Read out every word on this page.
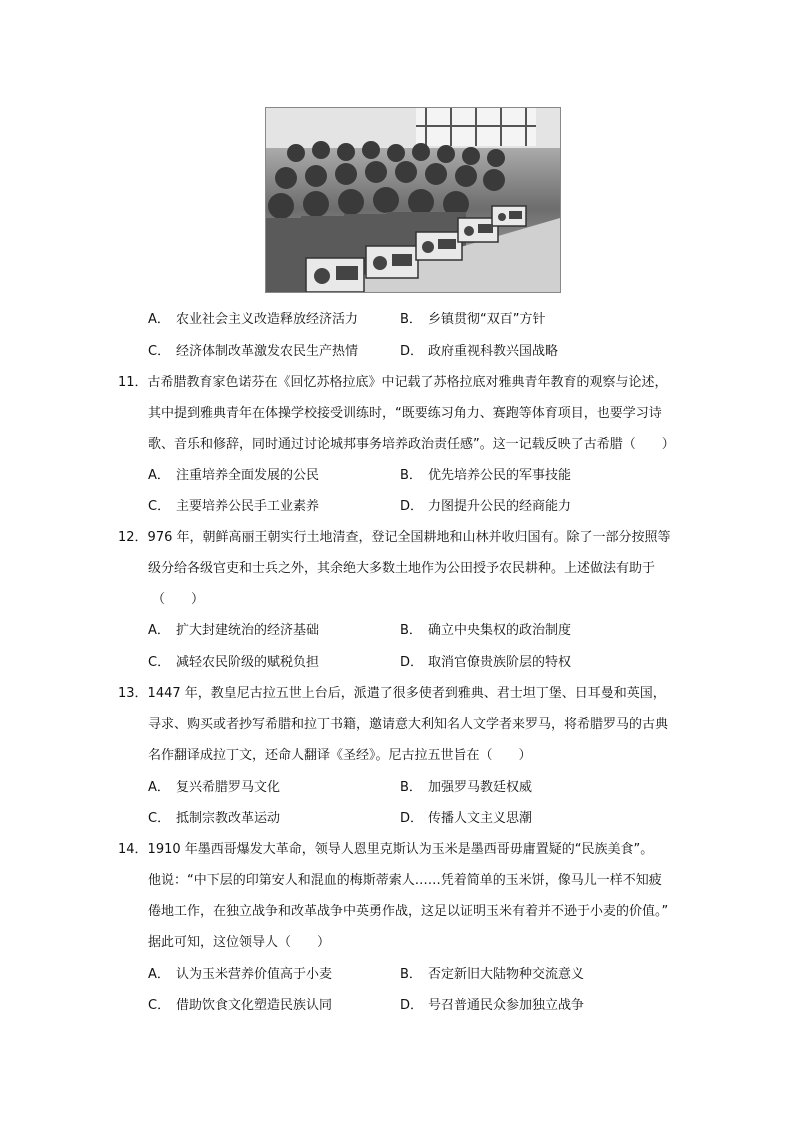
A． 农业社会主义改造释放经济活力	B． 乡镇贯彻“双百”方针
C． 经济体制改革激发农民生产热情	D． 政府重视科教兴国战略
11．古希腊教育家色诺芬在《回忆苏格拉底》中记载了苏格拉底对雅典青年教育的观察与论述，
其中提到雅典青年在体操学校接受训练时，“既要练习角力、赛跑等体育项目，也要学习诗
歌、音乐和修辞，同时通过讨论城邦事务培养政治责任感”。这一记载反映了古希腊（　　）
A． 注重培养全面发展的公民	B． 优先培养公民的军事技能
C． 主要培养公民手工业素养	D． 力图提升公民的经商能力
12．976 年，朝鲜高丽王朝实行土地清查，登记全国耕地和山林并收归国有。除了一部分按照等
级分给各级官吏和士兵之外，其余绝大多数土地作为公田授予农民耕种。上述做法有助于
（　　）
A． 扩大封建统治的经济基础	B． 确立中央集权的政治制度
C． 减轻农民阶级的赋税负担	D． 取消官僚贵族阶层的特权
13．1447 年，教皇尼古拉五世上台后，派遣了很多使者到雅典、君士坦丁堡、日耳曼和英国，
寻求、购买或者抄写希腊和拉丁书籍，邀请意大利知名人文学者来罗马，将希腊罗马的古典
名作翻译成拉丁文，还命人翻译《圣经》。尼古拉五世旨在（　　）
A． 复兴希腊罗马文化	B． 加强罗马教廷权威
C． 抵制宗教改革运动	D． 传播人文主义思潮
14．1910 年墨西哥爆发大革命，领导人恩里克斯认为玉米是墨西哥毋庸置疑的“民族美食”。
他说：“中下层的印第安人和混血的梅斯蒂索人……凭着简单的玉米饼，像马儿一样不知疲
倦地工作，在独立战争和改革战争中英勇作战，这足以证明玉米有着并不逊于小麦的价值。”
据此可知，这位领导人（　　）
A． 认为玉米营养价值高于小麦	B． 否定新旧大陆物种交流意义
C． 借助饮食文化塑造民族认同	D． 号召普通民众参加独立战争
